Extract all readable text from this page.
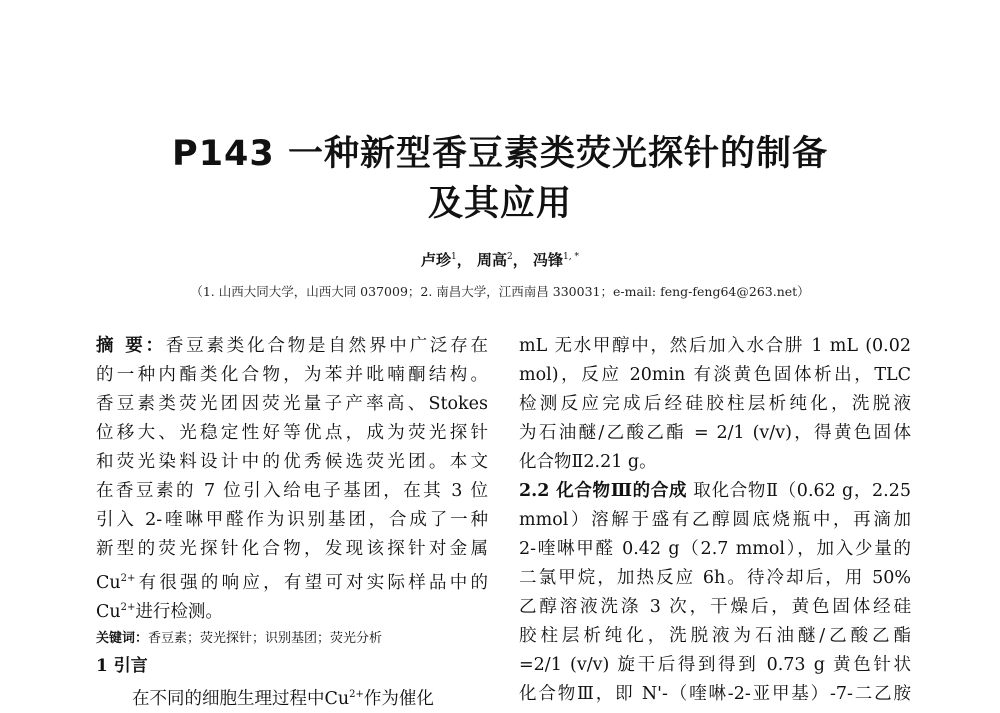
P143 一种新型香豆素类荧光探针的制备
及其应用
卢珍$^1$， 周高$^2$， 冯锋$^{1, *}$
（1. 山西大同大学，山西大同 037009；2. 南昌大学，江西南昌 330031；e-mail: feng-feng64@263.net）
摘 要：香豆素类化合物是自然界中广泛存在
的一种内酯类化合物，为苯并吡喃酮结构。
香豆素类荧光团因荧光量子产率高、Stokes
位移大、光稳定性好等优点，成为荧光探针
和荧光染料设计中的优秀候选荧光团。本文
在香豆素的 7 位引入给电子基团，在其 3 位
引入 2-喹啉甲醛作为识别基团，合成了一种
新型的荧光探针化合物，发现该探针对金属
$Cu^{2+}$有很强的响应，有望可对实际样品中的
$Cu^{2+}$进行检测。
关键词：香豆素；荧光探针；识别基团；荧光分析
1 引言
在不同的细胞生理过程中$Cu^{2+}$作为催化
mL 无水甲醇中，然后加入水合肼 1 mL (0.02
mol)，反应 20min 有淡黄色固体析出，TLC
检测反应完成后经硅胶柱层析纯化，洗脱液
为石油醚/乙酸乙酯 = 2/1 (v/v)，得黄色固体
化合物Ⅱ2.21 g。
2.2 化合物Ⅲ的合成 取化合物Ⅱ（0.62 g，2.25
mmol）溶解于盛有乙醇圆底烧瓶中，再滴加
2-喹啉甲醛 0.42 g（2.7 mmol），加入少量的
二氯甲烷，加热反应 6h。待冷却后，用 50%
乙醇溶液洗涤 3 次，干燥后，黄色固体经硅
胶柱层析纯化，洗脱液为石油醚/乙酸乙酯
=2/1 (v/v) 旋干后得到得到 0.73 g 黄色针状
化合物Ⅲ，即 N'-（喹啉-2-亚甲基）-7-二乙胺
